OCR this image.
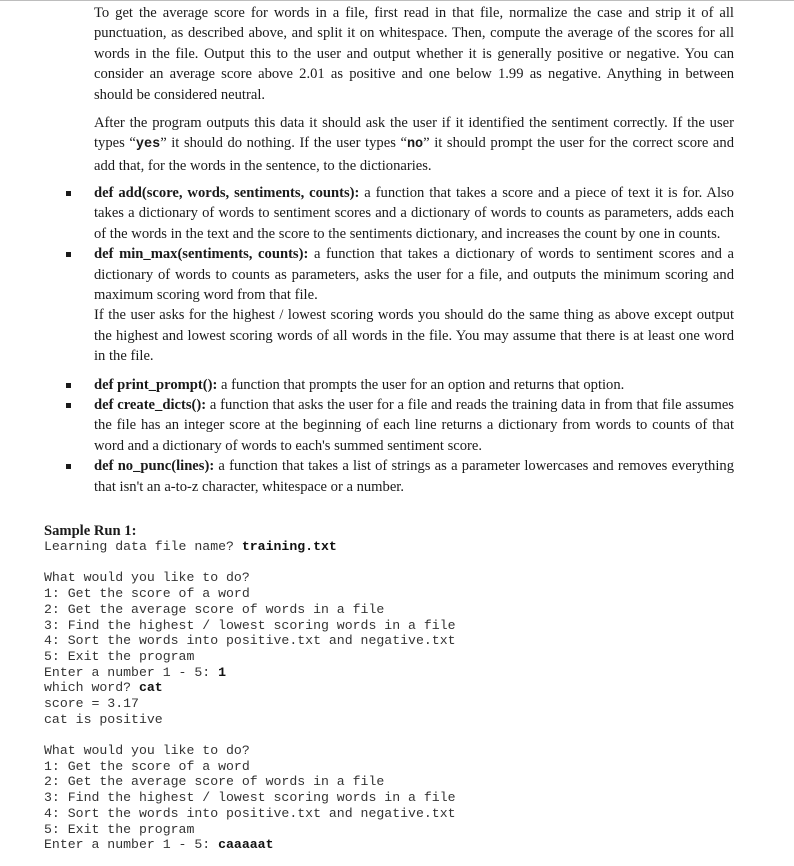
To get the average score for words in a file, first read in that file, normalize the case and strip it of all punctuation, as described above, and split it on whitespace. Then, compute the average of the scores for all words in the file. Output this to the user and output whether it is generally positive or negative. You can consider an average score above 2.01 as positive and one below 1.99 as negative. Anything in between should be considered neutral.
After the program outputs this data it should ask the user if it identified the sentiment correctly. If the user types “yes” it should do nothing. If the user types “no” it should prompt the user for the correct score and add that, for the words in the sentence, to the dictionaries.
def add(score, words, sentiments, counts): a function that takes a score and a piece of text it is for. Also takes a dictionary of words to sentiment scores and a dictionary of words to counts as parameters, adds each of the words in the text and the score to the sentiments dictionary, and increases the count by one in counts.
def min_max(sentiments, counts): a function that takes a dictionary of words to sentiment scores and a dictionary of words to counts as parameters, asks the user for a file, and outputs the minimum scoring and maximum scoring word from that file.
If the user asks for the highest / lowest scoring words you should do the same thing as above except output the highest and lowest scoring words of all words in the file. You may assume that there is at least one word in the file.
def print_prompt(): a function that prompts the user for an option and returns that option.
def create_dicts(): a function that asks the user for a file and reads the training data in from that file assumes the file has an integer score at the beginning of each line returns a dictionary from words to counts of that word and a dictionary of words to each's summed sentiment score.
def no_punc(lines): a function that takes a list of strings as a parameter lowercases and removes everything that isn't an a-to-z character, whitespace or a number.
Sample Run 1:
Learning data file name? training.txt
What would you like to do?
1: Get the score of a word
2: Get the average score of words in a file
3: Find the highest / lowest scoring words in a file
4: Sort the words into positive.txt and negative.txt
5: Exit the program
Enter a number 1 - 5: 1
which word? cat
score = 3.17
cat is positive
What would you like to do?
1: Get the score of a word
2: Get the average score of words in a file
3: Find the highest / lowest scoring words in a file
4: Sort the words into positive.txt and negative.txt
5: Exit the program
Enter a number 1 - 5: caaaaat
